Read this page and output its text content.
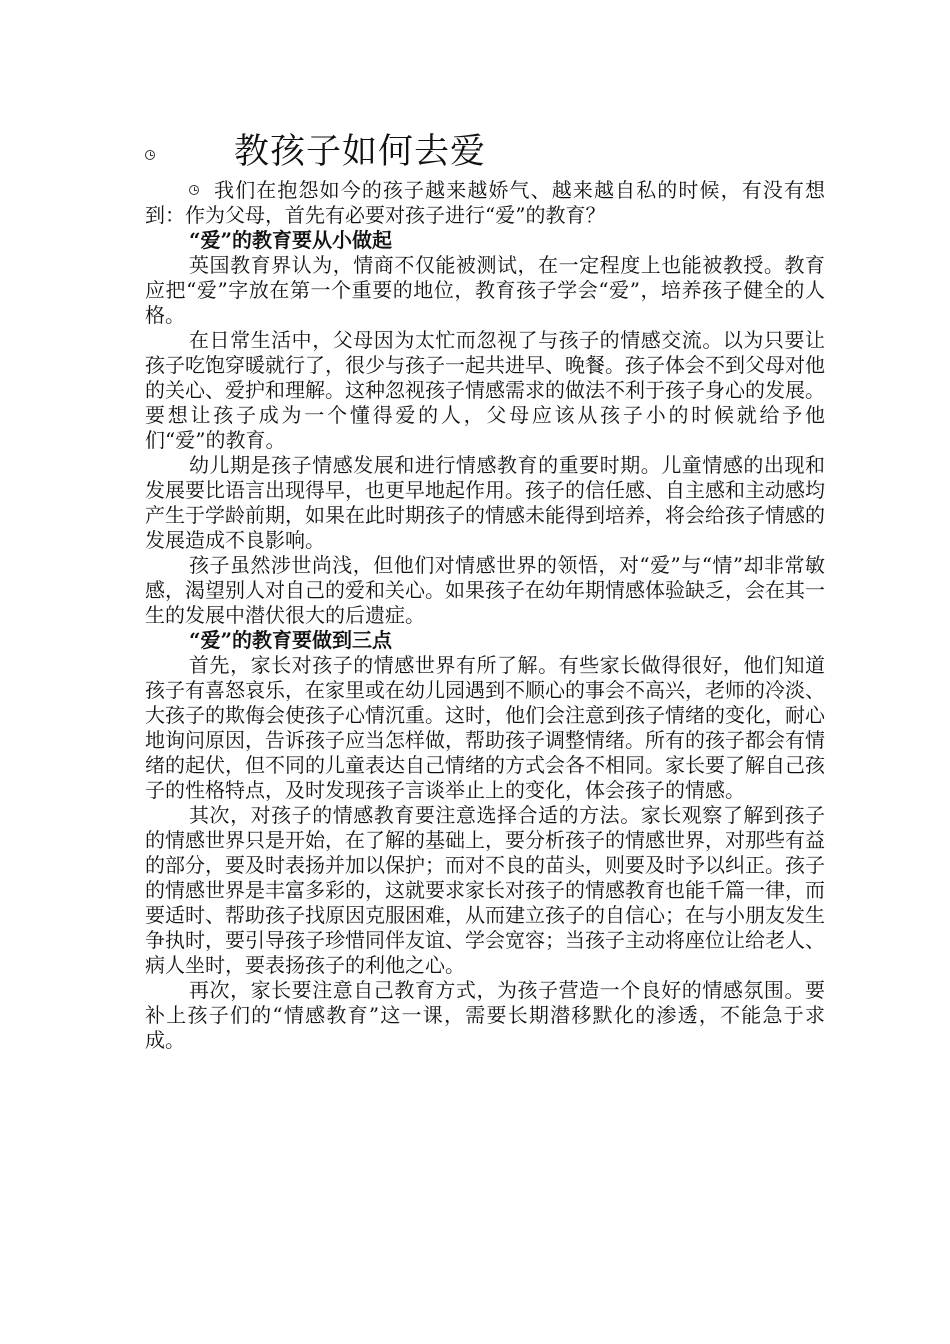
教孩子如何去爱

我们在抱怨如今的孩子越来越娇气、越来越自私的时候，有没有想到：作为父母，首先有必要对孩子进行“爱”的教育？

“爱”的教育要从小做起

英国教育界认为，情商不仅能被测试，在一定程度上也能被教授。教育应把“爱”字放在第一个重要的地位，教育孩子学会“爱”，培养孩子健全的人格。

在日常生活中，父母因为太忙而忽视了与孩子的情感交流。以为只要让孩子吃饱穿暖就行了，很少与孩子一起共进早、晚餐。孩子体会不到父母对他的关心、爱护和理解。这种忽视孩子情感需求的做法不利于孩子身心的发展。要想让孩子成为一个懂得爱的人，父母应该从孩子小的时候就给予他们“爱”的教育。

幼儿期是孩子情感发展和进行情感教育的重要时期。儿童情感的出现和发展要比语言出现得早，也更早地起作用。孩子的信任感、自主感和主动感均产生于学龄前期，如果在此时期孩子的情感未能得到培养，将会给孩子情感的发展造成不良影响。

孩子虽然涉世尚浅，但他们对情感世界的领悟，对“爱”与“情”却非常敏感，渴望别人对自己的爱和关心。如果孩子在幼年期情感体验缺乏，会在其一生的发展中潜伏很大的后遗症。

“爱”的教育要做到三点

首先，家长对孩子的情感世界有所了解。有些家长做得很好，他们知道孩子有喜怒哀乐，在家里或在幼儿园遇到不顺心的事会不高兴，老师的冷淡、大孩子的欺侮会使孩子心情沉重。这时，他们会注意到孩子情绪的变化，耐心地询问原因，告诉孩子应当怎样做，帮助孩子调整情绪。所有的孩子都会有情绪的起伏，但不同的儿童表达自己情绪的方式会各不相同。家长要了解自己孩子的性格特点，及时发现孩子言谈举止上的变化，体会孩子的情感。

其次，对孩子的情感教育要注意选择合适的方法。家长观察了解到孩子的情感世界只是开始，在了解的基础上，要分析孩子的情感世界，对那些有益的部分，要及时表扬并加以保护；而对不良的苗头，则要及时予以纠正。孩子的情感世界是丰富多彩的，这就要求家长对孩子的情感教育也能千篇一律，而要适时、帮助孩子找原因克服困难，从而建立孩子的自信心；在与小朋友发生争执时，要引导孩子珍惜同伴友谊、学会宽容；当孩子主动将座位让给老人、病人坐时，要表扬孩子的利他之心。

再次，家长要注意自己教育方式，为孩子营造一个良好的情感氛围。要补上孩子们的“情感教育”这一课，需要长期潜移默化的渗透，不能急于求成。
